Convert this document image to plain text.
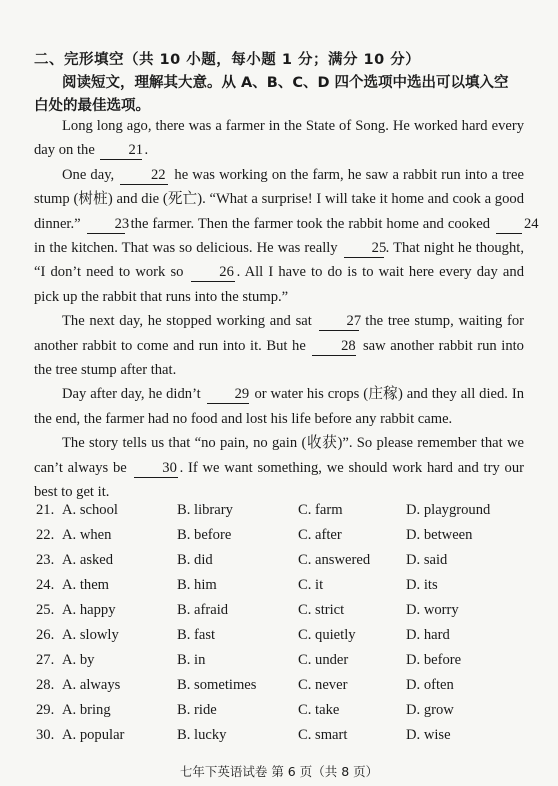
二、完形填空（共 10 小题，每小题 1 分；满分 10 分）
阅读短文，理解其大意。从 A、B、C、D 四个选项中选出可以填入空白处的最佳选项。

Long long ago, there was a farmer in the State of Song. He worked hard every day on the 21.

One day, 22 he was working on the farm, he saw a rabbit run into a tree stump (树桩) and die (死亡). “What a surprise! I will take it home and cook a good dinner.” 23 the farmer. Then the farmer took the rabbit home and cooked 24 in the kitchen. That was so delicious. He was really 25. That night he thought, “I don’t need to work so 26 . All I have to do is to wait here every day and pick up the rabbit that runs into the stump.”

The next day, he stopped working and sat 27 the tree stump, waiting for another rabbit to come and run into it. But he 28 saw another rabbit run into the tree stump after that.

Day after day, he didn’t 29 or water his crops (庄稼) and they all died. In the end, the farmer had no food and lost his life before any rabbit came.

The story tells us that “no pain, no gain (收获)”. So please remember that we can’t always be 30 . If we want something, we should work hard and try our best to get it.

21. A. school	B. library	C. farm	D. playground
22. A. when	B. before	C. after	D. between
23. A. asked	B. did	C. answered D. said
24. A. them	B. him	C. it	D. its
25. A. happy	B. afraid	C. strict	D. worry
26. A. slowly	B. fast	C. quietly	D. hard
27. A. by	B. in	C. under	D. before
28. A. always	B. sometimes	C. never	D. often
29. A. bring	B. ride	C. take	D. grow
30. A. popular	B. lucky	C. smart	D. wise
七年下英语试卷 第 6 页（共 8 页）
